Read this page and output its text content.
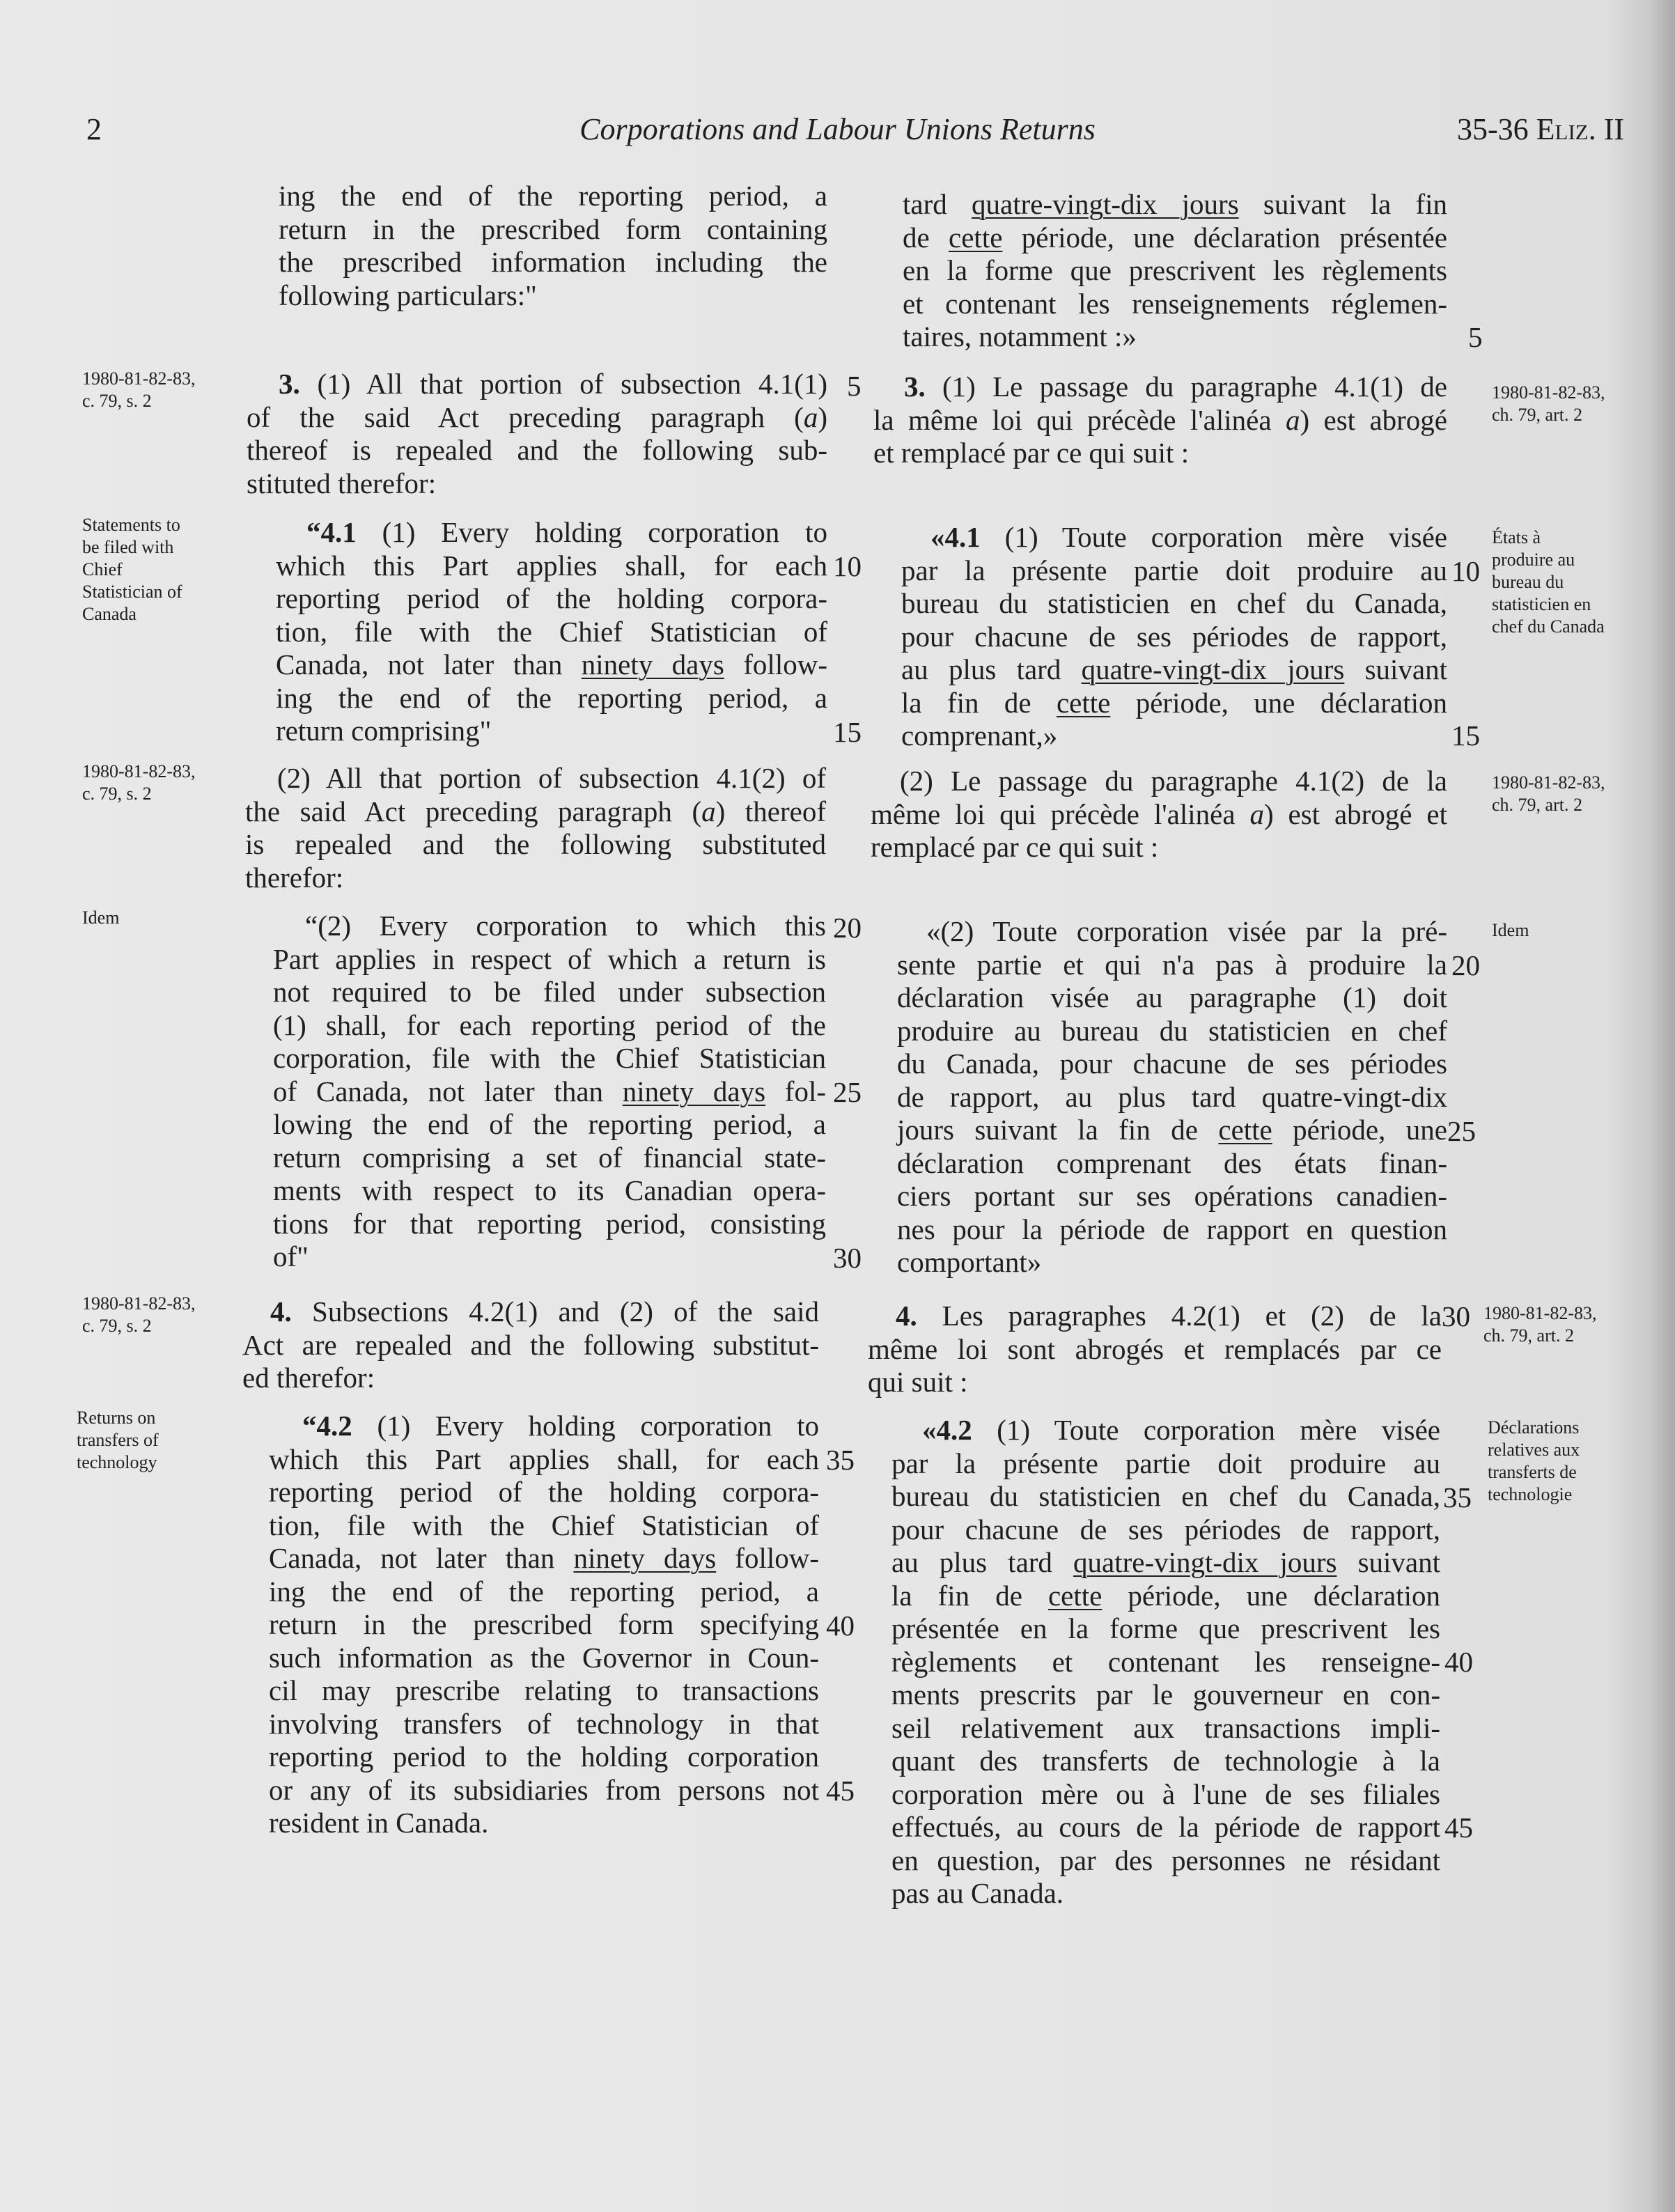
2	Corporations and Labour Unions Returns	35-36 Eliz. II
ing the end of the reporting period, a
return in the prescribed form containing
the prescribed information including the
following particulars:"
1980-81-82-83,
c. 79, s. 2
3. (1) All that portion of subsection 4.1(1)
of the said Act preceding paragraph (a)
thereof is repealed and the following sub-
stituted therefor:
Statements to
be filed with
Chief
Statistician of
Canada
“4.1 (1) Every holding corporation to
which this Part applies shall, for each
reporting period of the holding corpora-
tion, file with the Chief Statistician of
Canada, not later than ninety days follow-
ing the end of the reporting period, a
return comprising"
1980-81-82-83,
c. 79, s. 2	(2) All that portion of subsection 4.1(2) of
the said Act preceding paragraph (a) thereof
is repealed and the following substituted
therefor:
Idem	“(2) Every corporation to which this
Part applies in respect of which a return is
not required to be filed under subsection
(1) shall, for each reporting period of the
corporation, file with the Chief Statistician
of Canada, not later than ninety days fol-
lowing the end of the reporting period, a
return comprising a set of financial state-
ments with respect to its Canadian opera-
tions for that reporting period, consisting
of"
1980-81-82-83,
c. 79, s. 2	4. Subsections 4.2(1) and (2) of the said
Act are repealed and the following substitut-
ed therefor:
Returns on
transfers of
technology
“4.2 (1) Every holding corporation to
which this Part applies shall, for each
reporting period of the holding corpora-
tion, file with the Chief Statistician of
Canada, not later than ninety days follow-
ing the end of the reporting period, a
return in the prescribed form specifying
such information as the Governor in Coun-
cil may prescribe relating to transactions
involving transfers of technology in that
reporting period to the holding corporation
or any of its subsidiaries from persons not
resident in Canada.
5
10
15
20
25
30
35
40
45
tard quatre-vingt-dix jours suivant la fin
de cette période, une déclaration présentée
en la forme que prescrivent les règlements
et contenant les renseignements réglemen-
taires, notamment :»
1980-81-82-83,
ch. 79, art. 2
3. (1) Le passage du paragraphe 4.1(1) de
la même loi qui précède l'alinéa a) est abrogé
et remplacé par ce qui suit :
États à
produire au
bureau du
statisticien en
chef du Canada
«4.1 (1) Toute corporation mère visée
par la présente partie doit produire au
bureau du statisticien en chef du Canada,
pour chacune de ses périodes de rapport,
au plus tard quatre-vingt-dix jours suivant
la fin de cette période, une déclaration
comprenant,»
1980-81-82-83,
ch. 79, art. 2
(2) Le passage du paragraphe 4.1(2) de la
même loi qui précède l'alinéa a) est abrogé et
remplacé par ce qui suit :
Idem
«(2) Toute corporation visée par la pré-
sente partie et qui n'a pas à produire la
déclaration visée au paragraphe (1) doit
produire au bureau du statisticien en chef
du Canada, pour chacune de ses périodes
de rapport, au plus tard quatre-vingt-dix
jours suivant la fin de cette période, une
déclaration comprenant des états finan-
ciers portant sur ses opérations canadien-
nes pour la période de rapport en question
comportant»
1980-81-82-83,
ch. 79, art. 2
4. Les paragraphes 4.2(1) et (2) de la
même loi sont abrogés et remplacés par ce
qui suit :
Déclarations
relatives aux
transferts de
technologie
«4.2 (1) Toute corporation mère visée
par la présente partie doit produire au
bureau du statisticien en chef du Canada,
pour chacune de ses périodes de rapport,
au plus tard quatre-vingt-dix jours suivant
la fin de cette période, une déclaration
présentée en la forme que prescrivent les
règlements et contenant les renseigne-
ments prescrits par le gouverneur en con-
seil relativement aux transactions impli-
quant des transferts de technologie à la
corporation mère ou à l'une de ses filiales
effectués, au cours de la période de rapport
en question, par des personnes ne résidant
pas au Canada.
5
10
15
20
25
30
35
40
45
